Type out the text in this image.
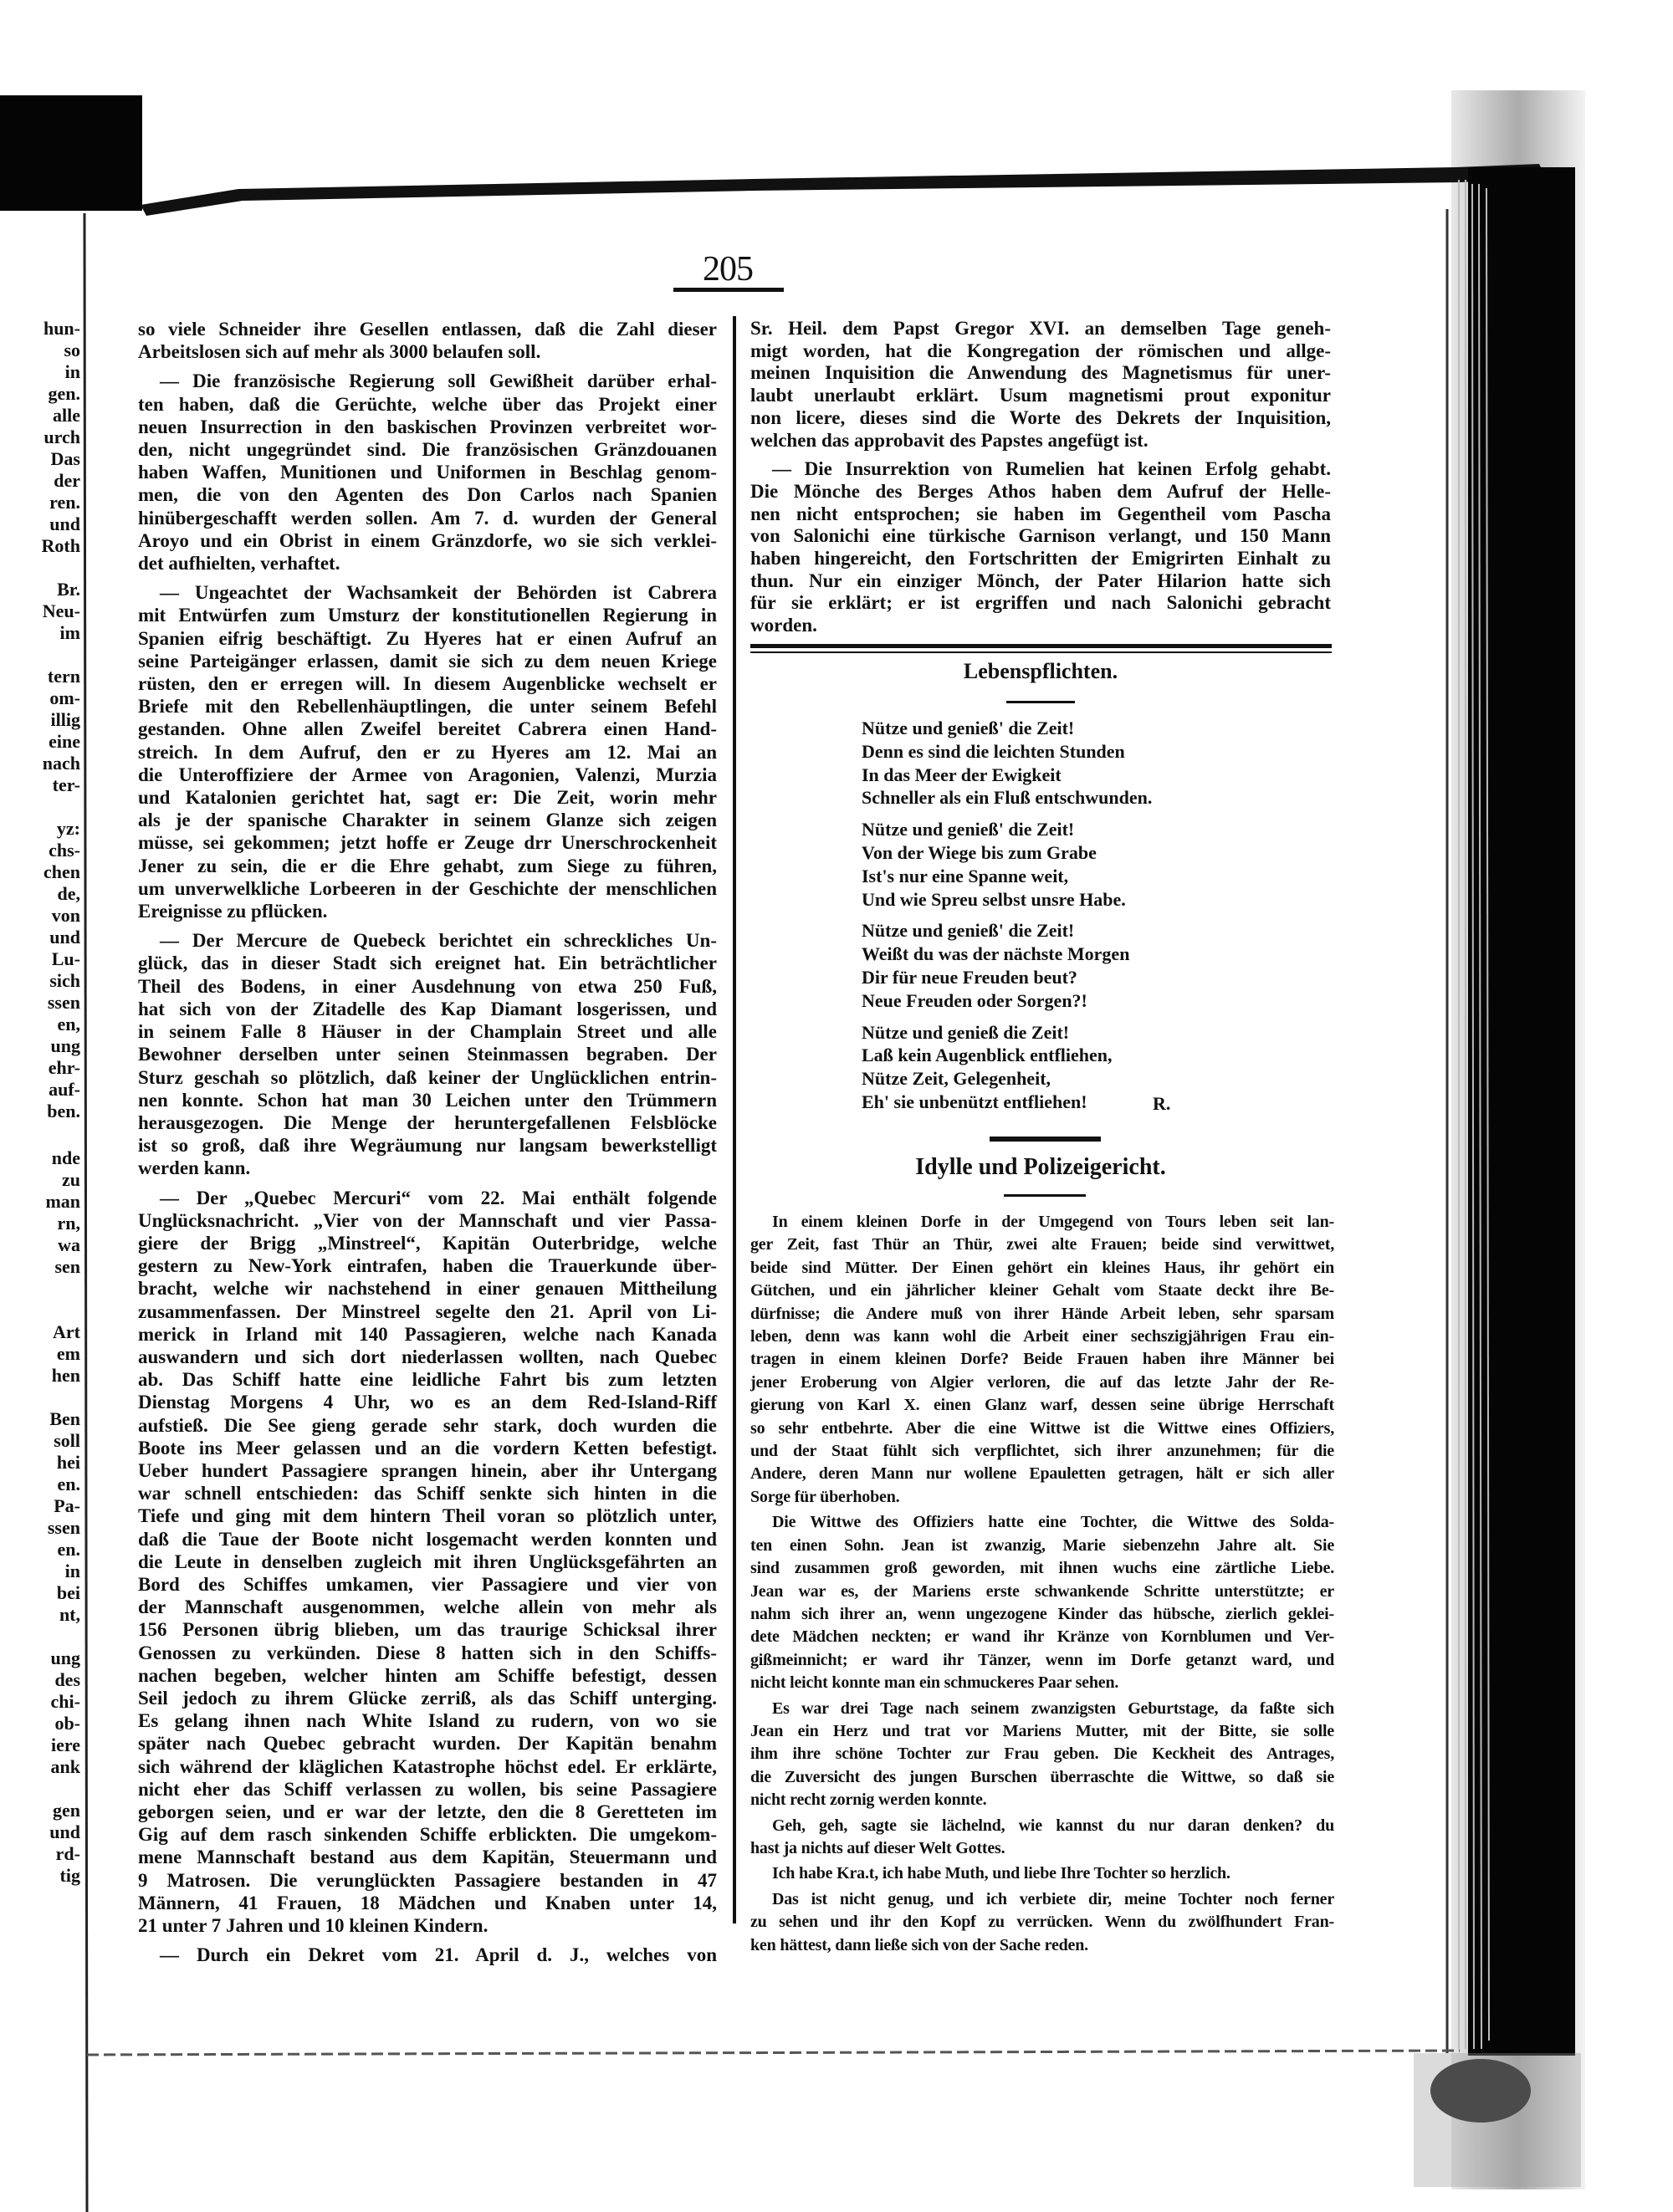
205
hun-
so
in
gen.
alle
urch
Das
der
ren.
und
Roth
Br.
Neu-
im
tern
om-
illig
eine
nach
ter-
yz:
chs-
chen
de,
von
und
Lu-
sich
ssen
en,
ung
ehr-
auf-
ben.
nde
zu
man
rn,
wa
sen
Art
em
hen
Ben
soll
hei
en.
Pa-
ssen
en.
in
bei
nt,
ung
des
chi-
ob-
iere
ank
gen
und
rd-
tig
so viele Schneider ihre Gesellen entlassen, daß die Zahl dieser
Arbeitslosen sich auf mehr als 3000 belaufen soll.
— Die französische Regierung soll Gewißheit darüber erhal-
ten haben, daß die Gerüchte, welche über das Projekt einer
neuen Insurrection in den baskischen Provinzen verbreitet wor-
den, nicht ungegründet sind. Die französischen Gränzdouanen
haben Waffen, Munitionen und Uniformen in Beschlag genom-
men, die von den Agenten des Don Carlos nach Spanien
hinübergeschafft werden sollen. Am 7. d. wurden der General
Aroyo und ein Obrist in einem Gränzdorfe, wo sie sich verklei-
det aufhielten, verhaftet.
— Ungeachtet der Wachsamkeit der Behörden ist Cabrera
mit Entwürfen zum Umsturz der konstitutionellen Regierung in
Spanien eifrig beschäftigt. Zu Hyeres hat er einen Aufruf an
seine Parteigänger erlassen, damit sie sich zu dem neuen Kriege
rüsten, den er erregen will. In diesem Augenblicke wechselt er
Briefe mit den Rebellenhäuptlingen, die unter seinem Befehl
gestanden. Ohne allen Zweifel bereitet Cabrera einen Hand-
streich. In dem Aufruf, den er zu Hyeres am 12. Mai an
die Unteroffiziere der Armee von Aragonien, Valenzi, Murzia
und Katalonien gerichtet hat, sagt er: Die Zeit, worin mehr
als je der spanische Charakter in seinem Glanze sich zeigen
müsse, sei gekommen; jetzt hoffe er Zeuge drr Unerschrockenheit
Jener zu sein, die er die Ehre gehabt, zum Siege zu führen,
um unverwelkliche Lorbeeren in der Geschichte der menschlichen
Ereignisse zu pflücken.
— Der Mercure de Quebeck berichtet ein schreckliches Un-
glück, das in dieser Stadt sich ereignet hat. Ein beträchtlicher
Theil des Bodens, in einer Ausdehnung von etwa 250 Fuß,
hat sich von der Zitadelle des Kap Diamant losgerissen, und
in seinem Falle 8 Häuser in der Champlain Street und alle
Bewohner derselben unter seinen Steinmassen begraben. Der
Sturz geschah so plötzlich, daß keiner der Unglücklichen entrin-
nen konnte. Schon hat man 30 Leichen unter den Trümmern
herausgezogen. Die Menge der heruntergefallenen Felsblöcke
ist so groß, daß ihre Wegräumung nur langsam bewerkstelligt
werden kann.
— Der „Quebec Mercuri“ vom 22. Mai enthält folgende
Unglücksnachricht. „Vier von der Mannschaft und vier Passa-
giere der Brigg „Minstreel“, Kapitän Outerbridge, welche
gestern zu New-York eintrafen, haben die Trauerkunde über-
bracht, welche wir nachstehend in einer genauen Mittheilung
zusammenfassen. Der Minstreel segelte den 21. April von Li-
merick in Irland mit 140 Passagieren, welche nach Kanada
auswandern und sich dort niederlassen wollten, nach Quebec
ab. Das Schiff hatte eine leidliche Fahrt bis zum letzten
Dienstag Morgens 4 Uhr, wo es an dem Red-Island-Riff
aufstieß. Die See gieng gerade sehr stark, doch wurden die
Boote ins Meer gelassen und an die vordern Ketten befestigt.
Ueber hundert Passagiere sprangen hinein, aber ihr Untergang
war schnell entschieden: das Schiff senkte sich hinten in die
Tiefe und ging mit dem hintern Theil voran so plötzlich unter,
daß die Taue der Boote nicht losgemacht werden konnten und
die Leute in denselben zugleich mit ihren Unglücksgefährten an
Bord des Schiffes umkamen, vier Passagiere und vier von
der Mannschaft ausgenommen, welche allein von mehr als
156 Personen übrig blieben, um das traurige Schicksal ihrer
Genossen zu verkünden. Diese 8 hatten sich in den Schiffs-
nachen begeben, welcher hinten am Schiffe befestigt, dessen
Seil jedoch zu ihrem Glücke zerriß, als das Schiff unterging.
Es gelang ihnen nach White Island zu rudern, von wo sie
später nach Quebec gebracht wurden. Der Kapitän benahm
sich während der kläglichen Katastrophe höchst edel. Er erklärte,
nicht eher das Schiff verlassen zu wollen, bis seine Passagiere
geborgen seien, und er war der letzte, den die 8 Geretteten im
Gig auf dem rasch sinkenden Schiffe erblickten. Die umgekom-
mene Mannschaft bestand aus dem Kapitän, Steuermann und
9 Matrosen. Die verunglückten Passagiere bestanden in 47
Männern, 41 Frauen, 18 Mädchen und Knaben unter 14,
21 unter 7 Jahren und 10 kleinen Kindern.
— Durch ein Dekret vom 21. April d. J., welches von
Sr. Heil. dem Papst Gregor XVI. an demselben Tage geneh-
migt worden, hat die Kongregation der römischen und allge-
meinen Inquisition die Anwendung des Magnetismus für uner-
laubt unerlaubt erklärt. Usum magnetismi prout exponitur
non licere, dieses sind die Worte des Dekrets der Inquisition,
welchen das approbavit des Papstes angefügt ist.
— Die Insurrektion von Rumelien hat keinen Erfolg gehabt.
Die Mönche des Berges Athos haben dem Aufruf der Helle-
nen nicht entsprochen; sie haben im Gegentheil vom Pascha
von Salonichi eine türkische Garnison verlangt, und 150 Mann
haben hingereicht, den Fortschritten der Emigrirten Einhalt zu
thun. Nur ein einziger Mönch, der Pater Hilarion hatte sich
für sie erklärt; er ist ergriffen und nach Salonichi gebracht
worden.
Lebenspflichten.
Nütze und genieß' die Zeit!
Denn es sind die leichten Stunden
In das Meer der Ewigkeit
Schneller als ein Fluß entschwunden.
Nütze und genieß' die Zeit!
Von der Wiege bis zum Grabe
Ist's nur eine Spanne weit,
Und wie Spreu selbst unsre Habe.
Nütze und genieß' die Zeit!
Weißt du was der nächste Morgen
Dir für neue Freuden beut?
Neue Freuden oder Sorgen?!
Nütze und genieß die Zeit!
Laß kein Augenblick entfliehen,
Nütze Zeit, Gelegenheit,
Eh' sie unbenützt entfliehen!	R.
Idylle und Polizeigericht.
In einem kleinen Dorfe in der Umgegend von Tours leben seit lan-
ger Zeit, fast Thür an Thür, zwei alte Frauen; beide sind verwittwet,
beide sind Mütter. Der Einen gehört ein kleines Haus, ihr gehört ein
Gütchen, und ein jährlicher kleiner Gehalt vom Staate deckt ihre Be-
dürfnisse; die Andere muß von ihrer Hände Arbeit leben, sehr sparsam
leben, denn was kann wohl die Arbeit einer sechszigjährigen Frau ein-
tragen in einem kleinen Dorfe? Beide Frauen haben ihre Männer bei
jener Eroberung von Algier verloren, die auf das letzte Jahr der Re-
gierung von Karl X. einen Glanz warf, dessen seine übrige Herrschaft
so sehr entbehrte. Aber die eine Wittwe ist die Wittwe eines Offiziers,
und der Staat fühlt sich verpflichtet, sich ihrer anzunehmen; für die
Andere, deren Mann nur wollene Epauletten getragen, hält er sich aller
Sorge für überhoben.
Die Wittwe des Offiziers hatte eine Tochter, die Wittwe des Solda-
ten einen Sohn. Jean ist zwanzig, Marie siebenzehn Jahre alt. Sie
sind zusammen groß geworden, mit ihnen wuchs eine zärtliche Liebe.
Jean war es, der Mariens erste schwankende Schritte unterstützte; er
nahm sich ihrer an, wenn ungezogene Kinder das hübsche, zierlich geklei-
dete Mädchen neckten; er wand ihr Kränze von Kornblumen und Ver-
gißmeinnicht; er ward ihr Tänzer, wenn im Dorfe getanzt ward, und
nicht leicht konnte man ein schmuckeres Paar sehen.
Es war drei Tage nach seinem zwanzigsten Geburtstage, da faßte sich
Jean ein Herz und trat vor Mariens Mutter, mit der Bitte, sie solle
ihm ihre schöne Tochter zur Frau geben. Die Keckheit des Antrages,
die Zuversicht des jungen Burschen überraschte die Wittwe, so daß sie
nicht recht zornig werden konnte.
Geh, geh, sagte sie lächelnd, wie kannst du nur daran denken? du
hast ja nichts auf dieser Welt Gottes.
Ich habe Kra.t, ich habe Muth, und liebe Ihre Tochter so herzlich.
Das ist nicht genug, und ich verbiete dir, meine Tochter noch ferner
zu sehen und ihr den Kopf zu verrücken. Wenn du zwölfhundert Fran-
ken hättest, dann ließe sich von der Sache reden.
